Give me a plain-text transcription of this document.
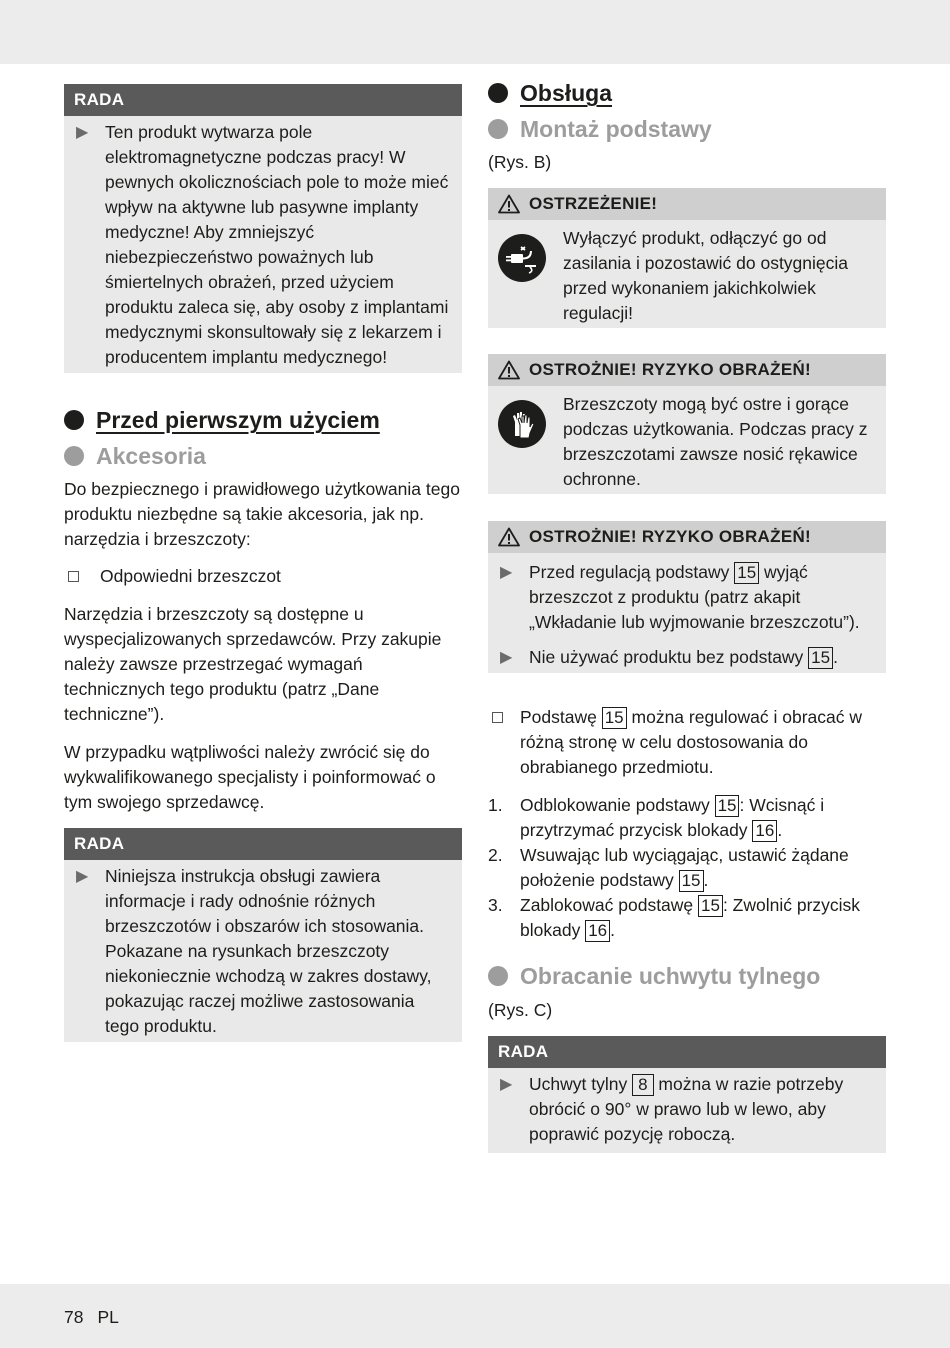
RADA
▶ Ten produkt wytwarza pole elektromagnetyczne podczas pracy! W pewnych okolicznościach pole to może mieć wpływ na aktywne lub pasywne implanty medyczne! Aby zmniejszyć niebezpieczeństwo poważnych lub śmiertelnych obrażeń, przed użyciem produktu zaleca się, aby osoby z implantami medycznymi skonsultowały się z lekarzem i producentem implantu medycznego!
Przed pierwszym użyciem
Akcesoria

Do bezpiecznego i prawidłowego użytkowania tego produktu niezbędne są takie akcesoria, jak np. narzędzia i brzeszczoty:

Odpowiedni brzeszczot

Narzędzia i brzeszczoty są dostępne u wyspecjalizowanych sprzedawców. Przy zakupie należy zawsze przestrzegać wymagań technicznych tego produktu (patrz „Dane techniczne”).

W przypadku wątpliwości należy zwrócić się do wykwalifikowanego specjalisty i poinformować o tym swojego sprzedawcę.

RADA
▶ Niniejsza instrukcja obsługi zawiera informacje i rady odnośnie różnych brzeszczotów i obszarów ich stosowania. Pokazane na rysunkach brzeszczoty niekoniecznie wchodzą w zakres dostawy, pokazując raczej możliwe zastosowania tego produktu.
Obsługa
Montaż podstawy

(Rys. B)

OSTRZEŻENIE!
Wyłączyć produkt, odłączyć go od zasilania i pozostawić do ostygnięcia przed wykonaniem jakichkolwiek regulacji!
OSTROŻNIE! RYZYKO OBRAŻEŃ!
Brzeszczoty mogą być ostre i gorące podczas użytkowania. Podczas pracy z brzeszczotami zawsze nosić rękawice ochronne.
OSTROŻNIE! RYZYKO OBRAŻEŃ!
▶ Przed regulacją podstawy 15 wyjąć brzeszczot z produktu (patrz akapit „Wkładanie lub wyjmowanie brzeszczotu”).
▶ Nie używać produktu bez podstawy 15 .
Podstawę 15 można regulować i obracać w różną stronę w celu dostosowania do obrabianego przedmiotu.
1. Odblokowanie podstawy 15 : Wcisnąć i przytrzymać przycisk blokady 16 .
2. Wsuwając lub wyciągając, ustawić żądane położenie podstawy 15 .
3. Zablokować podstawę 15 : Zwolnić przycisk blokady 16 .
Obracanie uchwytu tylnego

(Rys. C)

RADA
▶ Uchwyt tylny 8 można w razie potrzeby obrócić o 90° w prawo lub w lewo, aby poprawić pozycję roboczą.
78 PL
